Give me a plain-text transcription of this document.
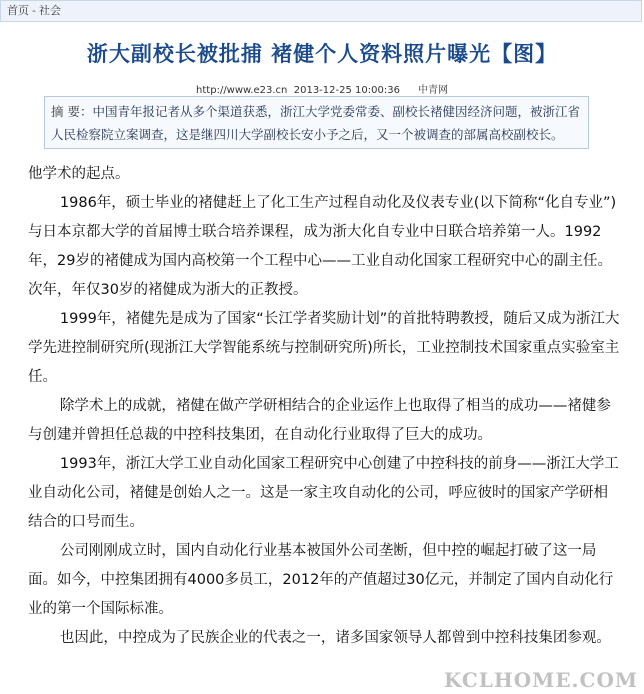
首页 - 社会
浙大副校长被批捕 褚健个人资料照片曝光【图】
http://www.e23.cn 2013-12-25 10:00:36 中青网
摘 要：中国青年报记者从多个渠道获悉，浙江大学党委常委、副校长褚健因经济问题，被浙江省人民检察院立案调查，这是继四川大学副校长安小予之后，又一个被调查的部属高校副校长。

他学术的起点。

1986年，硕士毕业的褚健赶上了化工生产过程自动化及仪表专业(以下简称“化自专业”)与日本京都大学的首届博士联合培养课程，成为浙大化自专业中日联合培养第一人。1992年，29岁的褚健成为国内高校第一个工程中心——工业自动化国家工程研究中心的副主任。次年，年仅30岁的褚健成为浙大的正教授。

1999年，褚健先是成为了国家“长江学者奖励计划”的首批特聘教授，随后又成为浙江大学先进控制研究所(现浙江大学智能系统与控制研究所)所长，工业控制技术国家重点实验室主任。

除学术上的成就，褚健在做产学研相结合的企业运作上也取得了相当的成功——褚健参与创建并曾担任总裁的中控科技集团，在自动化行业取得了巨大的成功。

1993年，浙江大学工业自动化国家工程研究中心创建了中控科技的前身——浙江大学工业自动化公司，褚健是创始人之一。这是一家主攻自动化的公司，呼应彼时的国家产学研相结合的口号而生。

公司刚刚成立时，国内自动化行业基本被国外公司垄断，但中控的崛起打破了这一局面。如今，中控集团拥有4000多员工，2012年的产值超过30亿元，并制定了国内自动化行业的第一个国际标准。

也因此，中控成为了民族企业的代表之一，诸多国家领导人都曾到中控科技集团参观。

KCLHOME.COM
